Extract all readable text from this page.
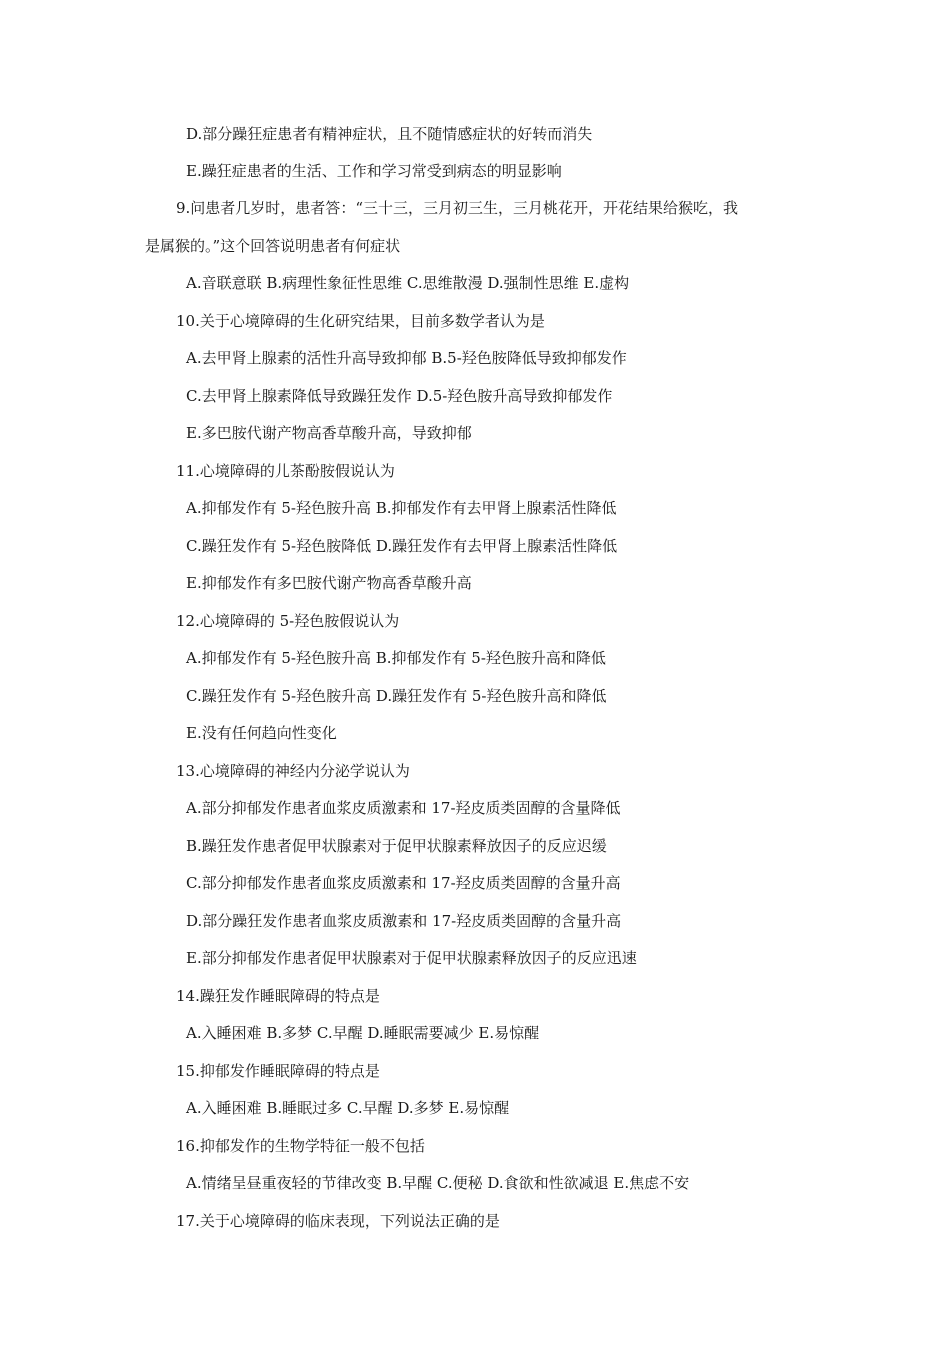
D.部分躁狂症患者有精神症状，且不随情感症状的好转而消失
E.躁狂症患者的生活、工作和学习常受到病态的明显影响
9.问患者几岁时，患者答：“三十三，三月初三生，三月桃花开，开花结果给猴吃，我
是属猴的。”这个回答说明患者有何症状
A.音联意联 B.病理性象征性思维 C.思维散漫 D.强制性思维 E.虚构
10.关于心境障碍的生化研究结果，目前多数学者认为是
A.去甲肾上腺素的活性升高导致抑郁 B.5-羟色胺降低导致抑郁发作
C.去甲肾上腺素降低导致躁狂发作 D.5-羟色胺升高导致抑郁发作
E.多巴胺代谢产物高香草酸升高，导致抑郁
11.心境障碍的儿茶酚胺假说认为
A.抑郁发作有 5-羟色胺升高 B.抑郁发作有去甲肾上腺素活性降低
C.躁狂发作有 5-羟色胺降低 D.躁狂发作有去甲肾上腺素活性降低
E.抑郁发作有多巴胺代谢产物高香草酸升高
12.心境障碍的 5-羟色胺假说认为
A.抑郁发作有 5-羟色胺升高 B.抑郁发作有 5-羟色胺升高和降低
C.躁狂发作有 5-羟色胺升高 D.躁狂发作有 5-羟色胺升高和降低
E.没有任何趋向性变化
13.心境障碍的神经内分泌学说认为
A.部分抑郁发作患者血浆皮质激素和 17-羟皮质类固醇的含量降低
B.躁狂发作患者促甲状腺素对于促甲状腺素释放因子的反应迟缓
C.部分抑郁发作患者血浆皮质激素和 17-羟皮质类固醇的含量升高
D.部分躁狂发作患者血浆皮质激素和 17-羟皮质类固醇的含量升高
E.部分抑郁发作患者促甲状腺素对于促甲状腺素释放因子的反应迅速
14.躁狂发作睡眠障碍的特点是
A.入睡困难 B.多梦 C.早醒 D.睡眠需要减少 E.易惊醒
15.抑郁发作睡眠障碍的特点是
A.入睡困难 B.睡眠过多 C.早醒 D.多梦 E.易惊醒
16.抑郁发作的生物学特征一般不包括
A.情绪呈昼重夜轻的节律改变 B.早醒 C.便秘 D.食欲和性欲减退 E.焦虑不安
17.关于心境障碍的临床表现，下列说法正确的是
